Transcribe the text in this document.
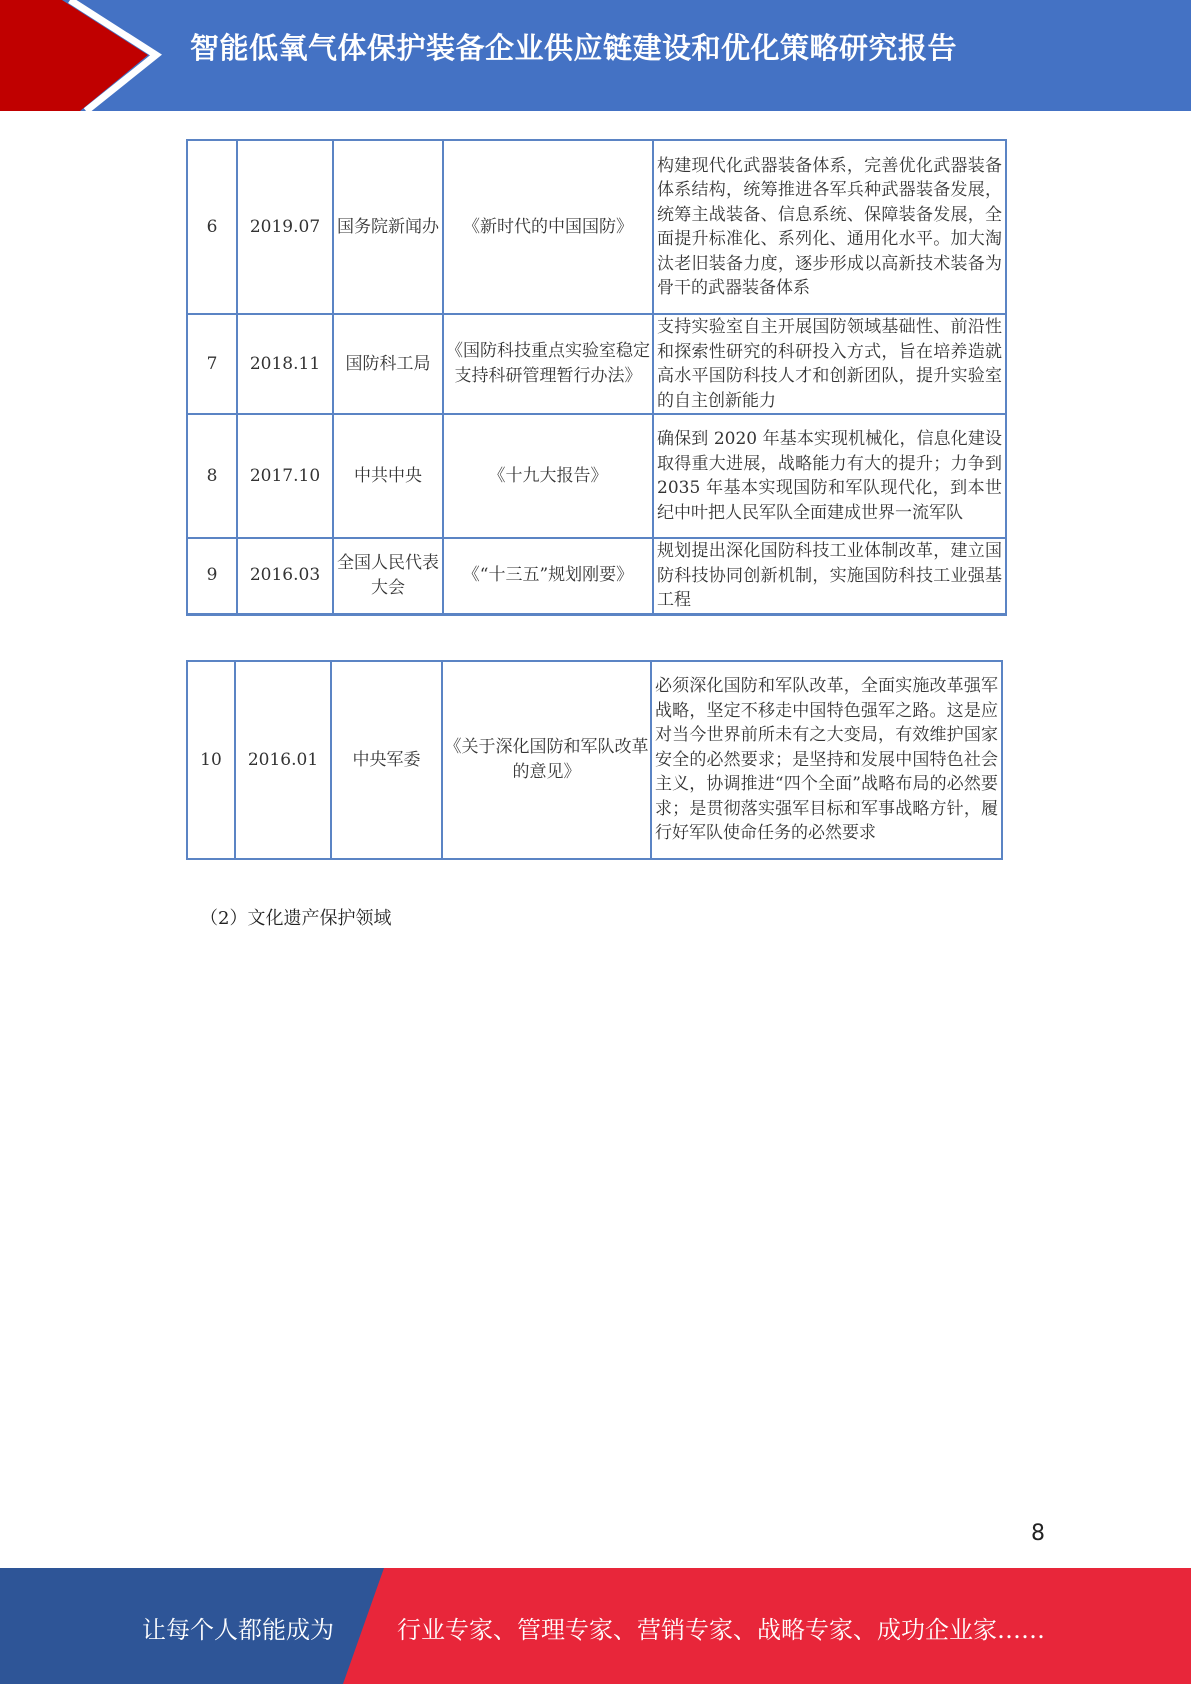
智能低氧气体保护装备企业供应链建设和优化策略研究报告
6	2019.07	国务院新闻办	《新时代的中国国防》	构建现代化武器装备体系，完善优化武器装备体系结构，统筹推进各军兵种武器装备发展，统筹主战装备、信息系统、保障装备发展，全面提升标准化、系列化、通用化水平。加大淘汰老旧装备力度，逐步形成以高新技术装备为骨干的武器装备体系
7	2018.11	国防科工局	《国防科技重点实验室稳定支持科研管理暂行办法》	支持实验室自主开展国防领域基础性、前沿性和探索性研究的科研投入方式，旨在培养造就高水平国防科技人才和创新团队，提升实验室的自主创新能力
8	2017.10	中共中央	《十九大报告》	确保到 2020 年基本实现机械化，信息化建设取得重大进展，战略能力有大的提升；力争到 2035 年基本实现国防和军队现代化，到本世纪中叶把人民军队全面建成世界一流军队
9	2016.03	全国人民代表大会	《“十三五”规划刚要》	规划提出深化国防科技工业体制改革，建立国防科技协同创新机制，实施国防科技工业强基工程
10	2016.01	中央军委	《关于深化国防和军队改革的意见》	必须深化国防和军队改革，全面实施改革强军战略，坚定不移走中国特色强军之路。这是应对当今世界前所未有之大变局，有效维护国家安全的必然要求；是坚持和发展中国特色社会主义，协调推进“四个全面”战略布局的必然要求；是贯彻落实强军目标和军事战略方针，履行好军队使命任务的必然要求
（2）文化遗产保护领域
8
让每个人都能成为	行业专家、管理专家、营销专家、战略专家、成功企业家……
